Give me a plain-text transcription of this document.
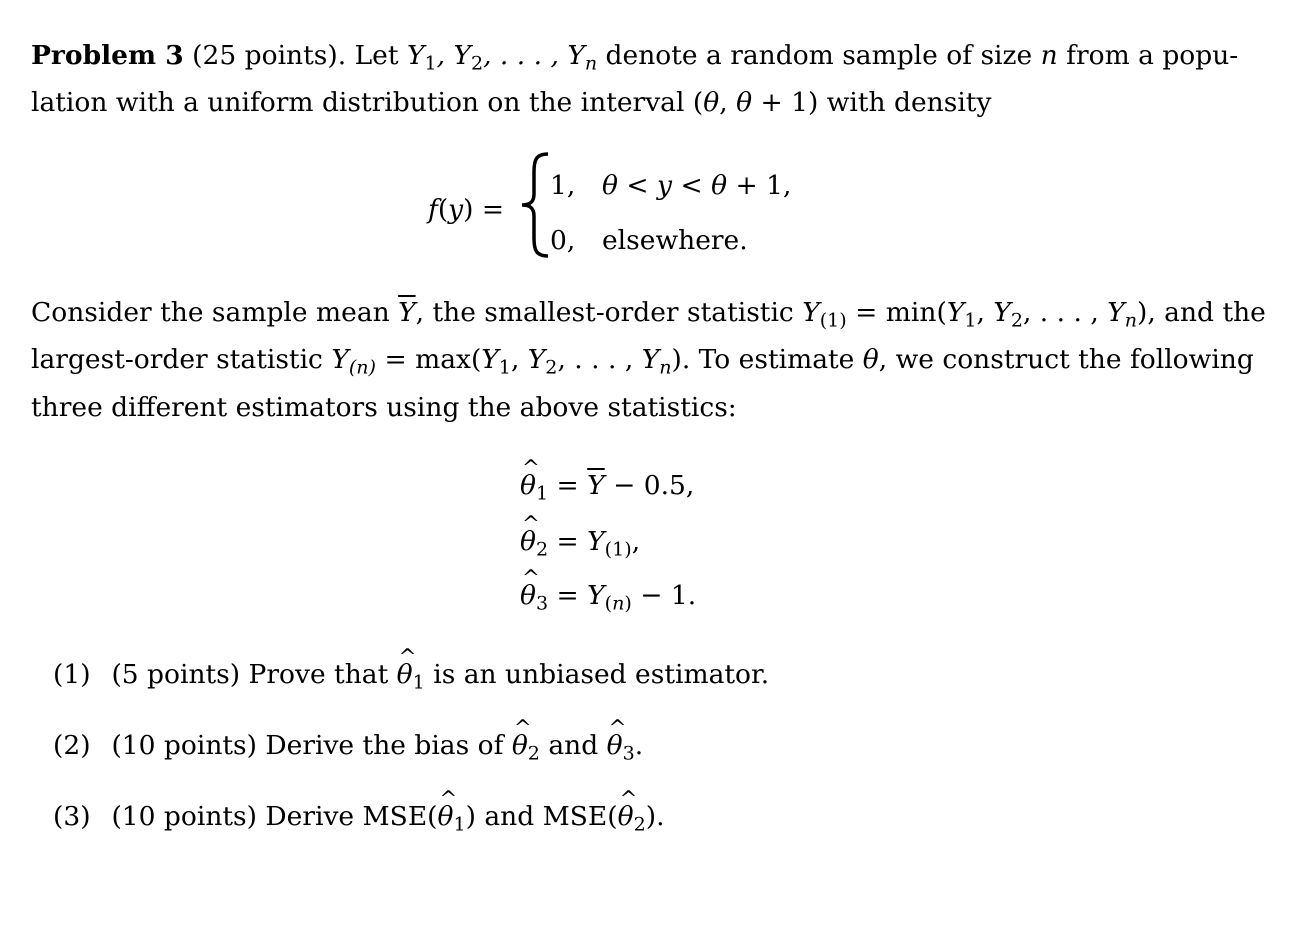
Problem 3 (25 points). Let $Y_1$, $Y_2$, . . . , $Y_n$ denote a random sample of size n from a popu-
lation with a uniform distribution on the interval (θ, θ + 1) with density
f(y) =
1, θ < y < θ + 1,
0, elsewhere.
Consider the sample mean $\overline{Y}$, the smallest-order statistic $Y_{(1)} = \min(Y_1$, $Y_2$, . . . , $Y_n$), and the
largest-order statistic $Y_{(n)} = \max(Y_1$, $Y_2$, . . . , $Y_n$). To estimate θ, we construct the following
three different estimators using the above statistics:
^ $\theta_1 = \overline{Y} - 0.5$,
^ $\theta_2 = Y_{(1)}$,
^ $\theta_3 = Y_{(n)} - 1$.
(1) (5 points) Prove that ^ $\theta_1$ is an unbiased estimator.
(2) (10 points) Derive the bias of ^ $\theta_2$ and ^ $\theta_3$.
(3) (10 points) Derive MSE(^ $\theta_1$) and MSE(^ $\theta_2$).
